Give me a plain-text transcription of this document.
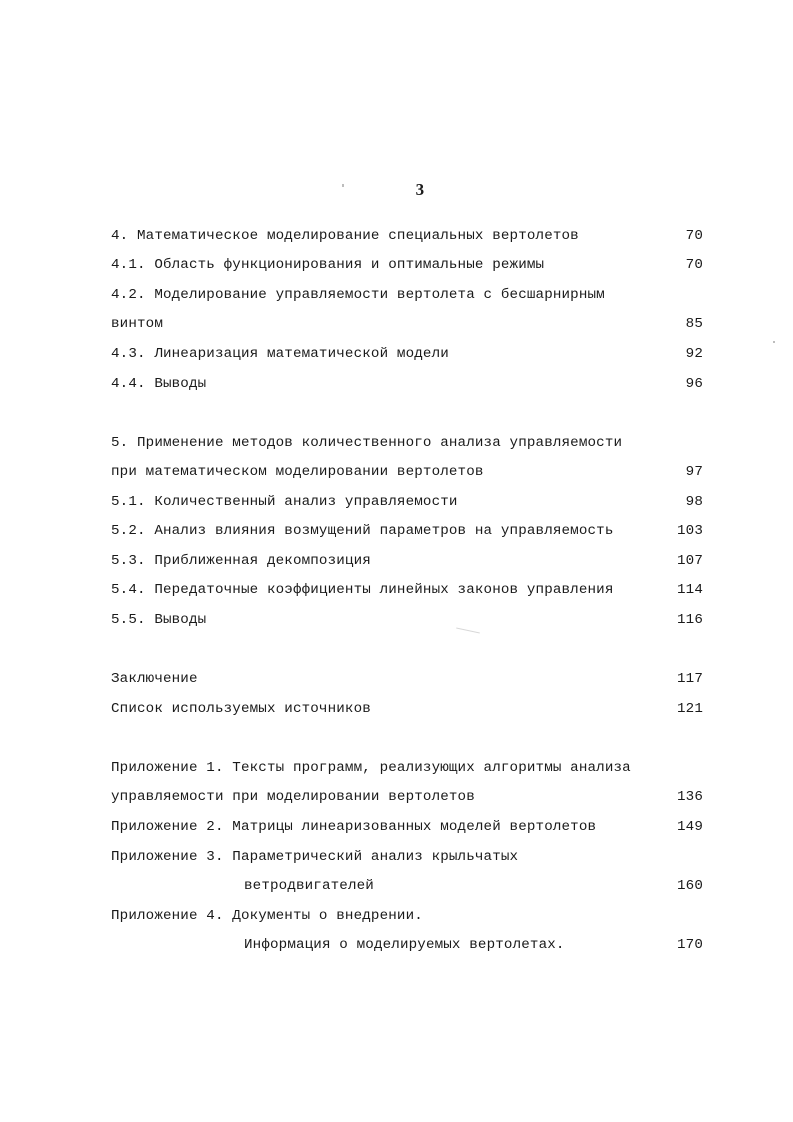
3
4. Математическое моделирование специальных вертолетов	70
4.1. Область функционирования и оптимальные режимы	70
4.2. Моделирование управляемости вертолета с бесшарнирным
винтом	85
4.3. Линеаризация математической модели	92
4.4. Выводы	96
5. Применение методов количественного анализа управляемости
при математическом моделировании вертолетов	97
5.1. Количественный анализ управляемости	98
5.2. Анализ влияния возмущений параметров на управляемость	103
5.3. Приближенная декомпозиция	107
5.4. Передаточные коэффициенты линейных законов управления	114
5.5. Выводы	116
Заключение	117
Список используемых источников	121
Приложение 1. Тексты программ, реализующих алгоритмы анализа
управляемости при моделировании вертолетов	136
Приложение 2. Матрицы линеаризованных моделей вертолетов	149
Приложение 3. Параметрический анализ крыльчатых
ветродвигателей	160
Приложение 4. Документы о внедрении.
Информация о моделируемых вертолетах.	170
